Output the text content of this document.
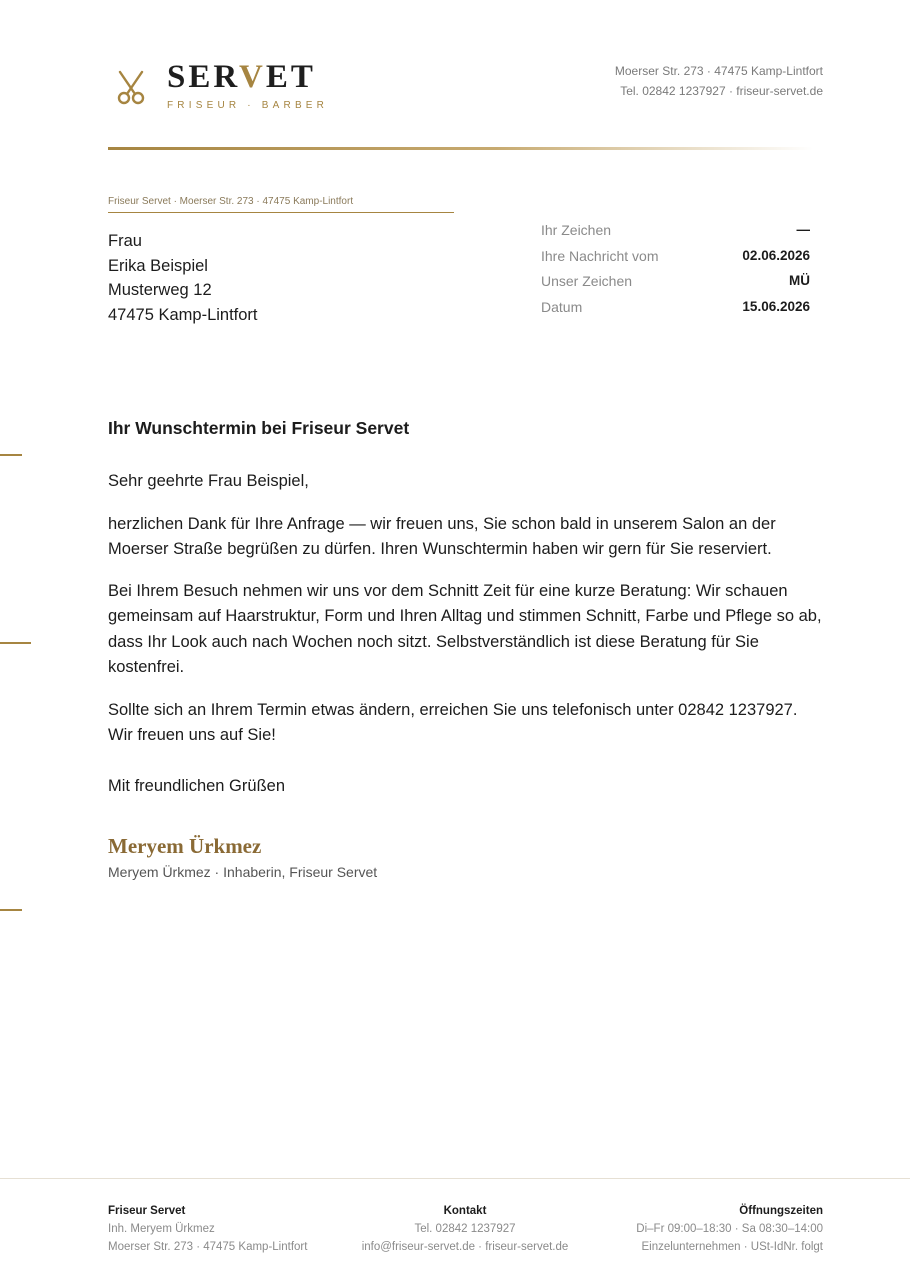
SERVET
FRISEUR · BARBER
Moerser Str. 273 · 47475 Kamp-Lintfort
Tel. 02842 1237927 · friseur-servet.de
Friseur Servet · Moerser Str. 273 · 47475 Kamp-Lintfort
Frau
Erika Beispiel
Musterweg 12
47475 Kamp-Lintfort
Ihr Zeichen	—
Ihre Nachricht vom	02.06.2026
Unser Zeichen	MÜ
Datum	15.06.2026
Ihr Wunschtermin bei Friseur Servet
Sehr geehrte Frau Beispiel,
herzlichen Dank für Ihre Anfrage — wir freuen uns, Sie schon bald in unserem Salon an der Moerser Straße begrüßen zu dürfen. Ihren Wunschtermin haben wir gern für Sie reserviert.
Bei Ihrem Besuch nehmen wir uns vor dem Schnitt Zeit für eine kurze Beratung: Wir schauen gemeinsam auf Haarstruktur, Form und Ihren Alltag und stimmen Schnitt, Farbe und Pflege so ab, dass Ihr Look auch nach Wochen noch sitzt. Selbstverständlich ist diese Beratung für Sie kostenfrei.
Sollte sich an Ihrem Termin etwas ändern, erreichen Sie uns telefonisch unter 02842 1237927. Wir freuen uns auf Sie!
Mit freundlichen Grüßen
Meryem Ürkmez
Meryem Ürkmez · Inhaberin, Friseur Servet
Friseur Servet
Inh. Meryem Ürkmez
Moerser Str. 273 · 47475 Kamp-Lintfort
Kontakt
Tel. 02842 1237927
info@friseur-servet.de · friseur-servet.de
Öffnungszeiten
Di–Fr 09:00–18:30 · Sa 08:30–14:00
Einzelunternehmen · USt-IdNr. folgt
